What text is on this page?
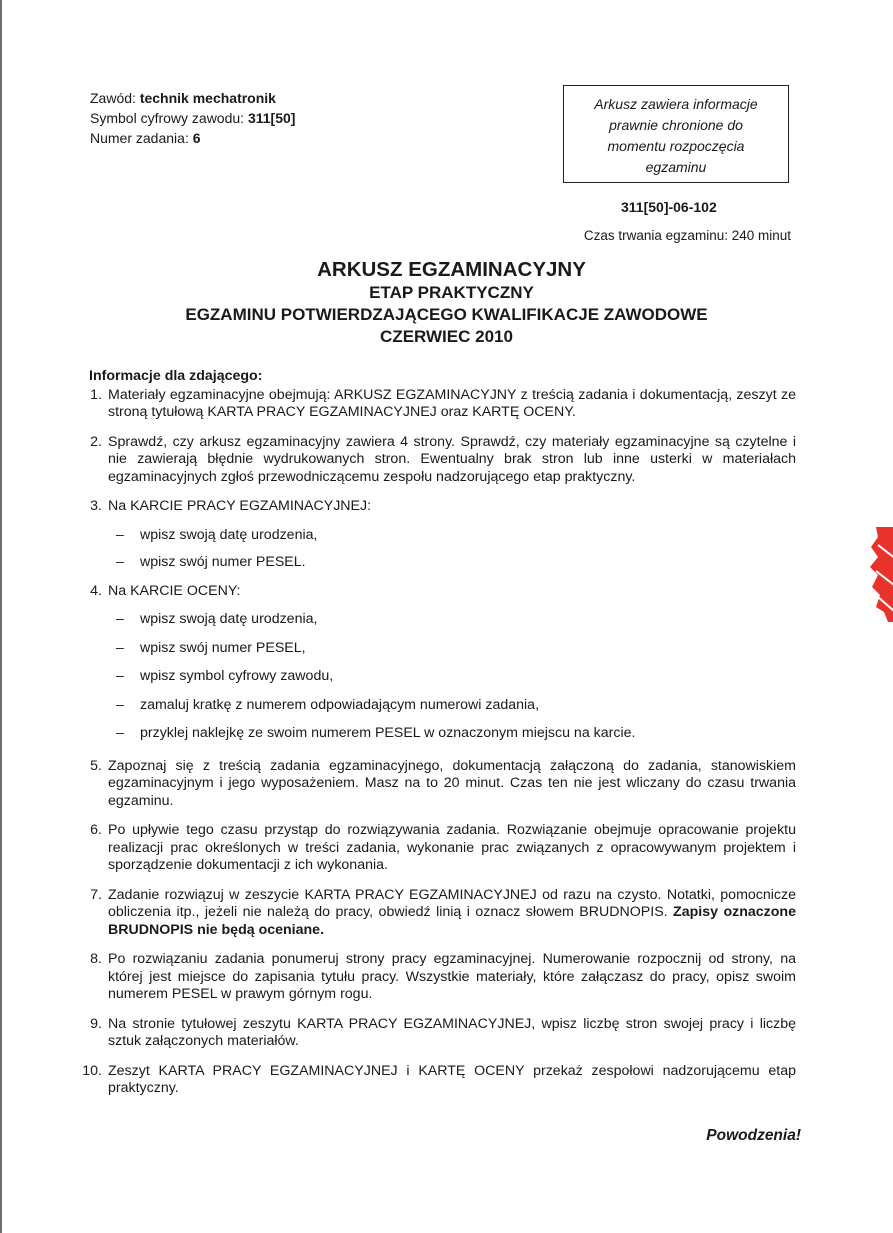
Zawód: technik mechatronik
Symbol cyfrowy zawodu: 311[50]
Numer zadania: 6
Arkusz zawiera informacje
prawnie chronione do
momentu rozpoczęcia
egzaminu
311[50]-06-102
Czas trwania egzaminu: 240 minut
ARKUSZ EGZAMINACYJNY
ETAP PRAKTYCZNY
EGZAMINU POTWIERDZAJĄCEGO KWALIFIKACJE ZAWODOWE
CZERWIEC 2010
Informacje dla zdającego:
1. Materiały egzaminacyjne obejmują: ARKUSZ EGZAMINACYJNY z treścią zadania i dokumentacją, zeszyt ze stroną tytułową KARTA PRACY EGZAMINACYJNEJ oraz KARTĘ OCENY.
2. Sprawdź, czy arkusz egzaminacyjny zawiera 4 strony. Sprawdź, czy materiały egzaminacyjne są czytelne i nie zawierają błędnie wydrukowanych stron. Ewentualny brak stron lub inne usterki w materiałach egzaminacyjnych zgłoś przewodniczącemu zespołu nadzorującego etap praktyczny.
3. Na KARCIE PRACY EGZAMINACYJNEJ:
– wpisz swoją datę urodzenia,
– wpisz swój numer PESEL.
4. Na KARCIE OCENY:
– wpisz swoją datę urodzenia,
– wpisz swój numer PESEL,
– wpisz symbol cyfrowy zawodu,
– zamaluj kratkę z numerem odpowiadającym numerowi zadania,
– przyklej naklejkę ze swoim numerem PESEL w oznaczonym miejscu na karcie.
5. Zapoznaj się z treścią zadania egzaminacyjnego, dokumentacją załączoną do zadania, stanowiskiem egzaminacyjnym i jego wyposażeniem. Masz na to 20 minut. Czas ten nie jest wliczany do czasu trwania egzaminu.
6. Po upływie tego czasu przystąp do rozwiązywania zadania. Rozwiązanie obejmuje opracowanie projektu realizacji prac określonych w treści zadania, wykonanie prac związanych z opracowywanym projektem i sporządzenie dokumentacji z ich wykonania.
7. Zadanie rozwiązuj w zeszycie KARTA PRACY EGZAMINACYJNEJ od razu na czysto. Notatki, pomocnicze obliczenia itp., jeżeli nie należą do pracy, obwiedź linią i oznacz słowem BRUDNOPIS. Zapisy oznaczone BRUDNOPIS nie będą oceniane.
8. Po rozwiązaniu zadania ponumeruj strony pracy egzaminacyjnej. Numerowanie rozpocznij od strony, na której jest miejsce do zapisania tytułu pracy. Wszystkie materiały, które załączasz do pracy, opisz swoim numerem PESEL w prawym górnym rogu.
9. Na stronie tytułowej zeszytu KARTA PRACY EGZAMINACYJNEJ, wpisz liczbę stron swojej pracy i liczbę sztuk załączonych materiałów.
10. Zeszyt KARTA PRACY EGZAMINACYJNEJ i KARTĘ OCENY przekaż zespołowi nadzorującemu etap praktyczny.
Powodzenia!
